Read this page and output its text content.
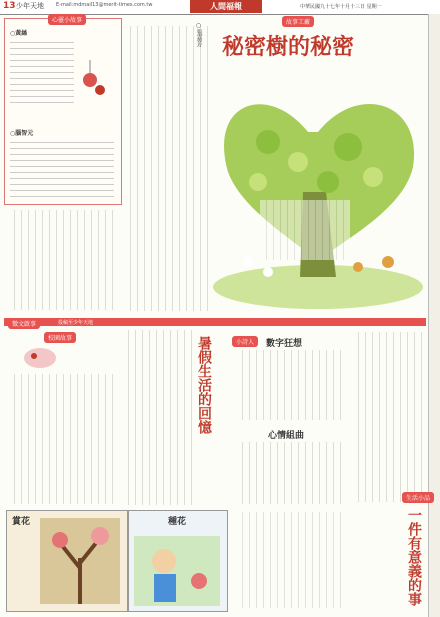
13 少年天地 E-mail:mdmail13@merit-times.com.tw	人間福報	中華民國九十七年十月十三日 星期一
心靈小故事
○黃絲
○腦智元
故事工廠
○張嘉芳 秘密樹的秘密
徵文啟事	投稿至少年天地
校園故事	暑假生活的回憶	小詩人	數字狂想
心情組曲
一件有意義的事
生活小品
賞花	種花
